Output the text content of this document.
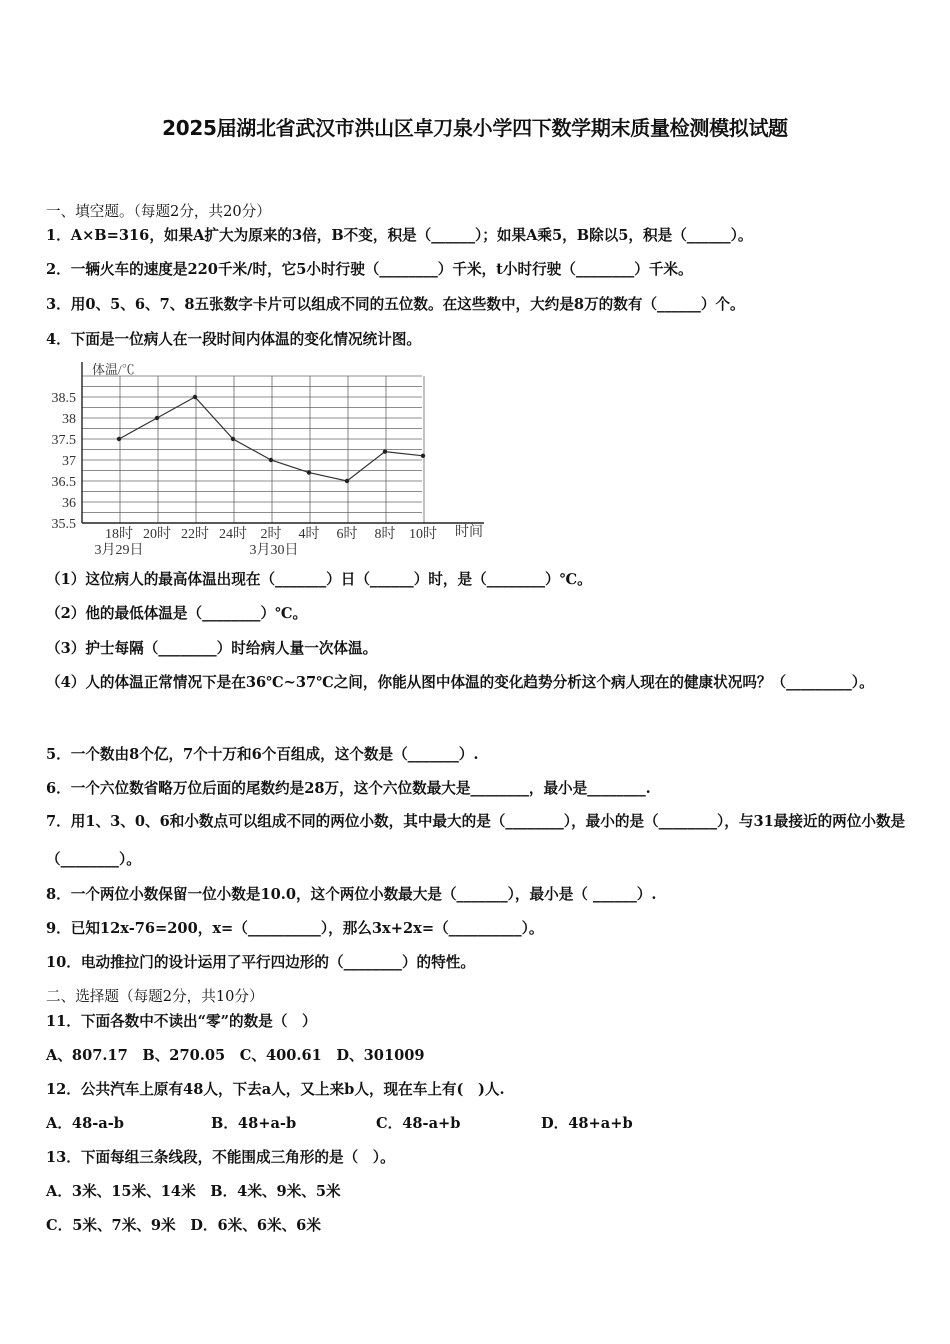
2025届湖北省武汉市洪山区卓刀泉小学四下数学期末质量检测模拟试题
一、填空题。（每题2分，共20分）
1．A×B=316，如果A扩大为原来的3倍，B不变，积是（______）；如果A乘5，B除以5，积是（______）。
2．一辆火车的速度是220千米/时，它5小时行驶（________）千米，t小时行驶（________）千米。
3．用0、5、6、7、8五张数字卡片可以组成不同的五位数。在这些数中，大约是8万的数有（______）个。
4．下面是一位病人在一段时间内体温的变化情况统计图。
体温/℃
35.5
36
36.5
37
37.5
38
38.5
18时 20时 22时 24时 2时 4时 6时 8时 10时 时间
3月29日	3月30日
（1）这位病人的最高体温出现在（_______）日（______）时，是（________）℃。
（2）他的最低体温是（________）℃。
（3）护士每隔（________）时给病人量一次体温。
（4）人的体温正常情况下是在36℃~37℃之间，你能从图中体温的变化趋势分析这个病人现在的健康状况吗？（_________）。
5．一个数由8个亿，7个十万和6个百组成，这个数是（_______）.
6．一个六位数省略万位后面的尾数约是28万，这个六位数最大是________，最小是________.
7．用1、3、0、6和小数点可以组成不同的两位小数，其中最大的是（________），最小的是（________），与31最接近的两位小数是（________）。
8．一个两位小数保留一位小数是10.0，这个两位小数最大是（_______），最小是（ ______）.
9．已知12x-76=200，x=（__________），那么3x+2x=（__________）。
10．电动推拉门的设计运用了平行四边形的（________）的特性。
二、选择题（每题2分，共10分）
11．下面各数中不读出“零”的数是（　）
A、807.17　B、270.05　C、400.61　D、301009
12．公共汽车上原有48人，下去a人，又上来b人，现在车上有(　)人.
A．48-a-b	B．48+a-b	C．48-a+b	D．48+a+b
13．下面每组三条线段，不能围成三角形的是（　）。
A．3米、15米、14米　B．4米、9米、5米
C．5米、7米、9米　D．6米、6米、6米
